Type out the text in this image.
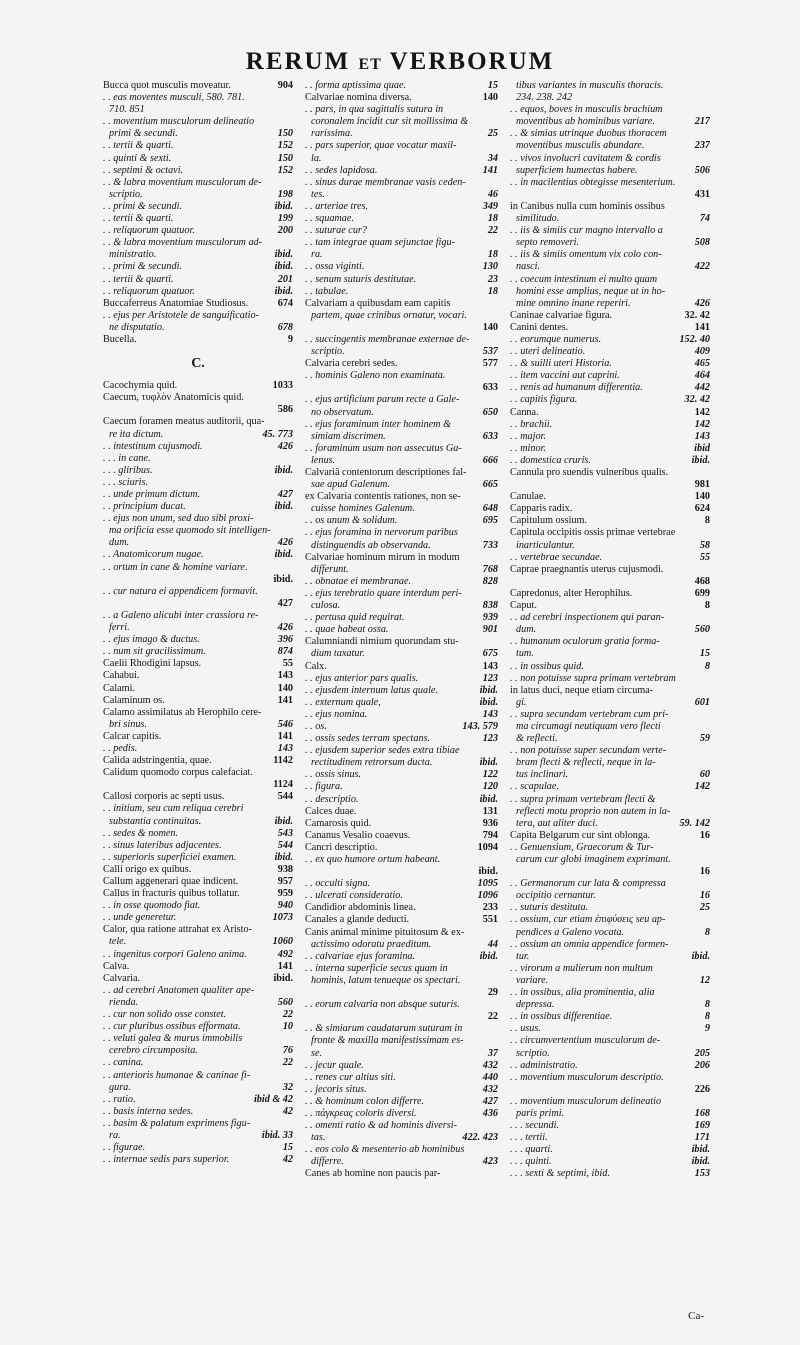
RERUM ET VERBORUM
904
Bucca quot musculis moveatur.
. . eas moventes musculi, 580. 781.
710. 851
. . moventium musculorum delineatio
150
primi & secundi.
152
. . tertii & quarti.
150
. . quinti & sexti.
152
. . septimi & octavi.
. . & labra moventium musculorum de-
198
scriptio.
ibid.
. . primi & secundi.
199
. . tertii & quarti.
200
. . reliquorum quatuor.
. . & labra moventium musculorum ad-
ibid.
ministratio.
ibid.
. . primi & secundi.
201
. . tertii & quarti.
ibid.
. . reliquorum quatuor.
674
Buccaferreus Anatomiae Studiosus.
. . ejus per Aristotele de sanguificatio-
678
ne disputatio.
9
Bucella.
C.
1033
Cacochymia quid.
Caecum, τυφλὸν Anatomicis quid.
586

Caecum foramen meatus auditorii, qua-
45. 773
re ita dictum.
426
. . intestinum cujusmodi.
. . . in cane.
ibid.
. . . gliribus.
. . . sciuris.
427
. . unde primum dictum.
ibid.
. . principium ducat.
. . ejus non unum, sed duo sibi proxi-
ma orificia esse quomodo sit intelligen-
426
dum.
ibid.
. . Anatomicorum nugae.
. . ortum in cane & homine variare.
ibid.

. . cur natura ei appendicem formavit.
427

. . a Galeno alicubi inter crassiora re-
426
ferri.
396
. . ejus imago & ductus.
874
. . num sit gracilissimum.
55
Caelii Rhodigini lapsus.
143
Cahabui.
140
Calami.
141
Calaminum os.
Calamo assimilatus ab Herophilo cere-
546
bri sinus.
141
Calcar capitis.
143
. . pedis.
1142
Calida adstringentia, quae.
Calidum quomodo corpus calefaciat.
1124

544
Callosi corporis ac septi usus.
. . initium, seu cum reliqua cerebri
ibid.
substantia continuitas.
543
. . sedes & nomen.
544
. . sinus lateribus adjacentes.
ibid.
. . superioris superficiei examen.
938
Calli origo ex quibus.
957
Callum aggenerari quae indicent.
959
Callus in fracturis quibus tollatur.
940
. . in osse quomodo fiat.
1073
. . unde generetur.
Calor, qua ratione attrahat ex Aristo-
1060
tele.
492
. . ingenitus corpori Galeno anima.
141
Calva.
ibid.
Calvaria.
. . ad cerebri Anatomen qualiter ape-
560
rienda.
22
. . cur non solido osse constet.
10
. . cur pluribus ossibus efformata.
. . veluti galea & murus immobilis
76
cerebro circumposita.
22
. . canina.
. . anterioris humanae & caninae fi-
32
gura.
ibid & 42
. . ratio.
42
. . basis interna sedes.
. . basim & palatum exprimens figu-
ibid. 33
ra.
15
. . figurae.
42
. . internae sedis pars superior.
15
. . forma aptissima quae.
140
Calvariae nomina diversa.
. . pars, in qua sagittalis sutura in
coronalem incidit cur sit mollissima &
25
rarissima.
. . pars superior, quae vocatur maxil-
34
la.
141
. . sedes lapidosa.
. . sinus durae membranae vasis ceden-
46
tes.
349
. . arteriae tres.
18
. . squamae.
22
. . suturae cur?
. . tam integrae quam sejunctae figu-
18
ra.
130
. . ossa viginti.
23
. . senum suturis destitutae.
18
. . tabulae.
Calvariam a quibusdam eam capitis
partem, quae crinibus ornatur, vocari.
140

. . succingentis membranae externae de-
537
scriptio.
577
Calvaria cerebri sedes.
. . hominis Galeno non examinata.
633

. . ejus artificium parum recte a Gale-
650
no observatum.
. . ejus foraminum inter hominem &
633
simiam discrimen.
. . foraminum usum non assecutus Ga-
666
lenus.
Calvariâ contentorum descriptiones fal-
665
sae apud Galenum.
ex Calvaria contentis rationes, non se-
648
cuisse homines Galenum.
695
. . os unum & solidum.
. . ejus foramina in nervorum paribus
733
distinguendis ab observanda.
Calvariae hominum mirum in modum
768
differunt.
828
. . obnatae ei membranae.
. . ejus terebratio quare interdum peri-
838
culosa.
939
. . pertusa quid requirat.
901
. . quae habeat ossa.
Calumniandi nimium quorundam stu-
675
dium taxatur.
143
Calx.
123
. . ejus anterior pars qualis.
ibid.
. . ejusdem internum latus quale.
ibid.
. . externum quale,
143
. . ejus nomina.
143. 579
. . os.
123
. . ossis sedes terram spectans.
. . ejusdem superior sedes extra tibiae
ibid.
rectitudinem retrorsum ducta.
122
. . ossis sinus.
120
. . figura.
ibid.
. . descriptio.
131
Calces duae.
936
Camarosis quid.
794
Cananus Vesalio coaevus.
1094
Cancri descriptio.
. . ex quo humore ortum habeant.
ibid.

1095
. . occulti signa.
1096
. . ulcerati consideratio.
233
Candidior abdominis linea.
551
Canales a glande deducti.
Canis animal minime pituitosum & ex-
44
actissimo odoratu praeditum.
ibid.
. . calvariae ejus foramina.
. . interna superficie secus quam in
hominis, latum tenueque os spectari.
29

. . eorum calvaria non absque suturis.
22

. . & simiarum caudatarum suturam in
fronte & maxilla manifestissimam es-
37
se.
432
. . jecur quale.
440
. . renes cur altius siti.
432
. . jecoris situs.
427
. . & hominum colon differre.
436
. . πάγκρεας coloris diversi.
. . omenti ratio & ad hominis diversi-
422. 423
tas.
. . eos colo & mesenterio ab hominibus
423
differre.
Canes ab homine non paucis par-
tibus variantes in musculis thoracis.
234. 238. 242
. . equos, boves in musculis brachium
217
moventibus ab hominibus variare.
. . & simias utrinque duobus thoracem
237
moventibus musculis abundare.
. . vivos involucri cavitatem & cordis
506
superficiem humectas habere.
. . in macilentius obtegisse mesenterium.
431

in Canibus nulla cum hominis ossibus
74
similitudo.
. . iis & simiis cur magno intervallo a
508
septo removeri.
. . iis & simiis omentum vix colo con-
422
nasci.
. . coecum intestinum ei multo quam
homini esse amplius, neque ut in ho-
426
mine omnino inane reperiri.
32. 42
Caninae calvariae figura.
141
Canini dentes.
152. 40
. . eorumque numerus.
409
. . uteri delineatio.
465
. . & suilli uteri Historia.
464
. . item vaccini aut caprini.
442
. . renis ad humanum differentia.
32. 42
. . capitis figura.
142
Canna.
142
. . brachii.
143
. . major.
ibid
. . minor.
ibid.
. . domestica cruris.
Cannula pro suendis vulneribus qualis.
981

140
Canulae.
624
Capparis radix.
8
Capitulum ossium.
Capitula occipitis ossis primae vertebrae
58
inarticulantur.
55
. . vertebrae secundae.
Caprae praegnantis uterus cujusmodi.
468

699
Capredonus, alter Herophilus.
8
Caput.
. . ad cerebri inspectionem qui paran-
560
dum.
. . humanum oculorum gratia forma-
15
tum.
8
. . in ossibus quid.
. . non potuisse supra primam vertebram
in latus duci, neque etiam circuma-
601
gi.
. . supra secundam vertebram cum pri-
ma circumagi neutiquam vero flecti
59
& reflecti.
. . non potuisse super secundam verte-
bram flecti & reflecti, neque in la-
60
tus inclinari.
142
. . scapulae.
. . supra primam vertebram flecti &
reflecti motu proprio non autem in la-
59. 142
tera, aut aliter duci.
16
Capita Belgarum cur sint oblonga.
. . Genuensium, Graecorum & Tur-
carum cur globi imaginem exprimant.
16

. . Germanorum cur lata & compressa
16
occipitio cernantur.
25
. . suturis destituta.
. . ossium, cur etiam ἐπιφύσεις seu ap-
8
pendices a Galeno vocata.
. . ossium an omnia appendice formen-
ibid.
tur.
. . virorum a mulierum non multum
12
variare.
. . in ossibus, alia prominentia, alia
8
depressa.
8
. . in ossibus differentiae.
9
. . usus.
. . circumvertentium musculorum de-
205
scriptio.
206
. . administratio.
. . moventium musculorum descriptio.
226

. . moventium musculorum delineatio
168
paris primi.
169
. . . secundi.
171
. . . tertii.
ibid.
. . . quarti.
ibid.
. . . quinti.
153
. . . sexti & septimi, ibid.
Ca-
